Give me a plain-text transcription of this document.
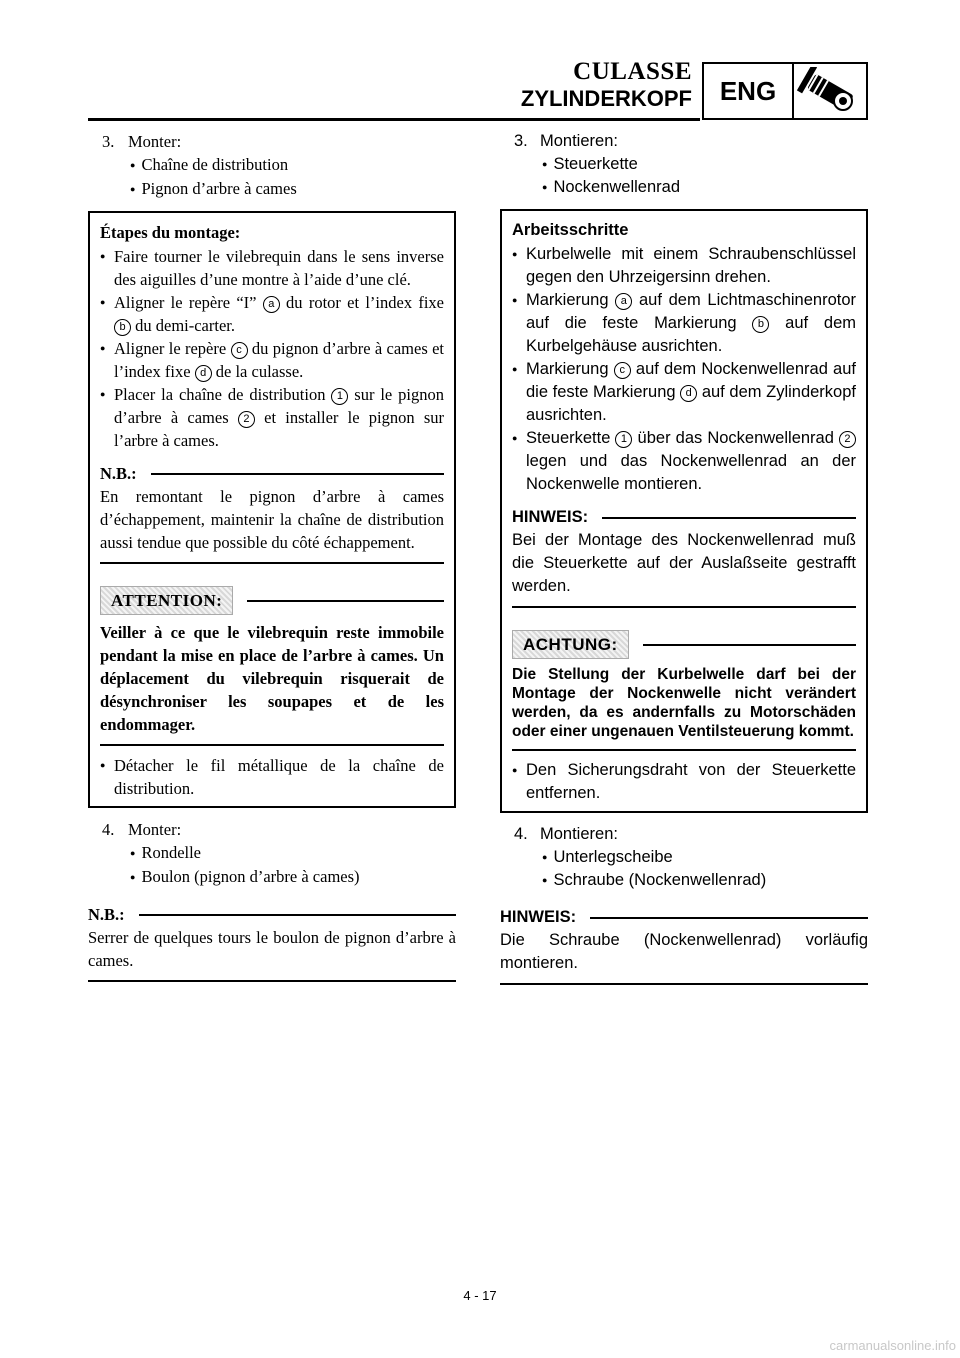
CULASSE
ZYLINDERKOPF	ENG
3. Monter:
● Chaîne de distribution
● Pignon d’arbre à cames
Étapes du montage:
● Faire tourner le vilebrequin dans le sens inverse des aiguilles d’une montre à l’aide d’une clé.
● Aligner le repère “I” a du rotor et l’index fixe b du demi-carter.
● Aligner le repère c du pignon d’arbre à cames et l’index fixe d de la culasse.
● Placer la chaîne de distribution 1 sur le pignon d’arbre à cames 2 et installer le pignon sur l’arbre à cames.
N.B.:
En remontant le pignon d’arbre à cames d’échappement, maintenir la chaîne de distribution aussi tendue que possible du côté échappement.
ATTENTION:
Veiller à ce que le vilebrequin reste immobile pendant la mise en place de l’arbre à cames. Un déplacement du vilebrequin risquerait de désynchroniser les soupapes et de les endommager.
● Détacher le fil métallique de la chaîne de distribution.
4. Monter:
● Rondelle
● Boulon (pignon d’arbre à cames)
N.B.:
Serrer de quelques tours le boulon de pignon d’arbre à cames.
3. Montieren:
● Steuerkette
● Nockenwellenrad
Arbeitsschritte
● Kurbelwelle mit einem Schraubenschlüssel gegen den Uhrzeigersinn drehen.
● Markierung a auf dem Lichtmaschinenrotor auf die feste Markierung b auf dem Kurbelgehäuse ausrichten.
● Markierung c auf dem Nockenwellenrad auf die feste Markierung d auf dem Zylinderkopf ausrichten.
● Steuerkette 1 über das Nockenwellenrad 2 legen und das Nockenwellenrad an der Nockenwelle montieren.
HINWEIS:
Bei der Montage des Nockenwellenrad muß die Steuerkette auf der Auslaßseite gestrafft werden.
ACHTUNG:
Die Stellung der Kurbelwelle darf bei der Montage der Nockenwelle nicht verändert werden, da es andernfalls zu Motorschäden oder einer ungenauen Ventilsteuerung kommt.
● Den Sicherungsdraht von der Steuerkette entfernen.
4. Montieren:
● Unterlegscheibe
● Schraube (Nockenwellenrad)
HINWEIS:
Die Schraube (Nockenwellenrad) vorläufig montieren.
4 - 17
carmanualsonline.info
